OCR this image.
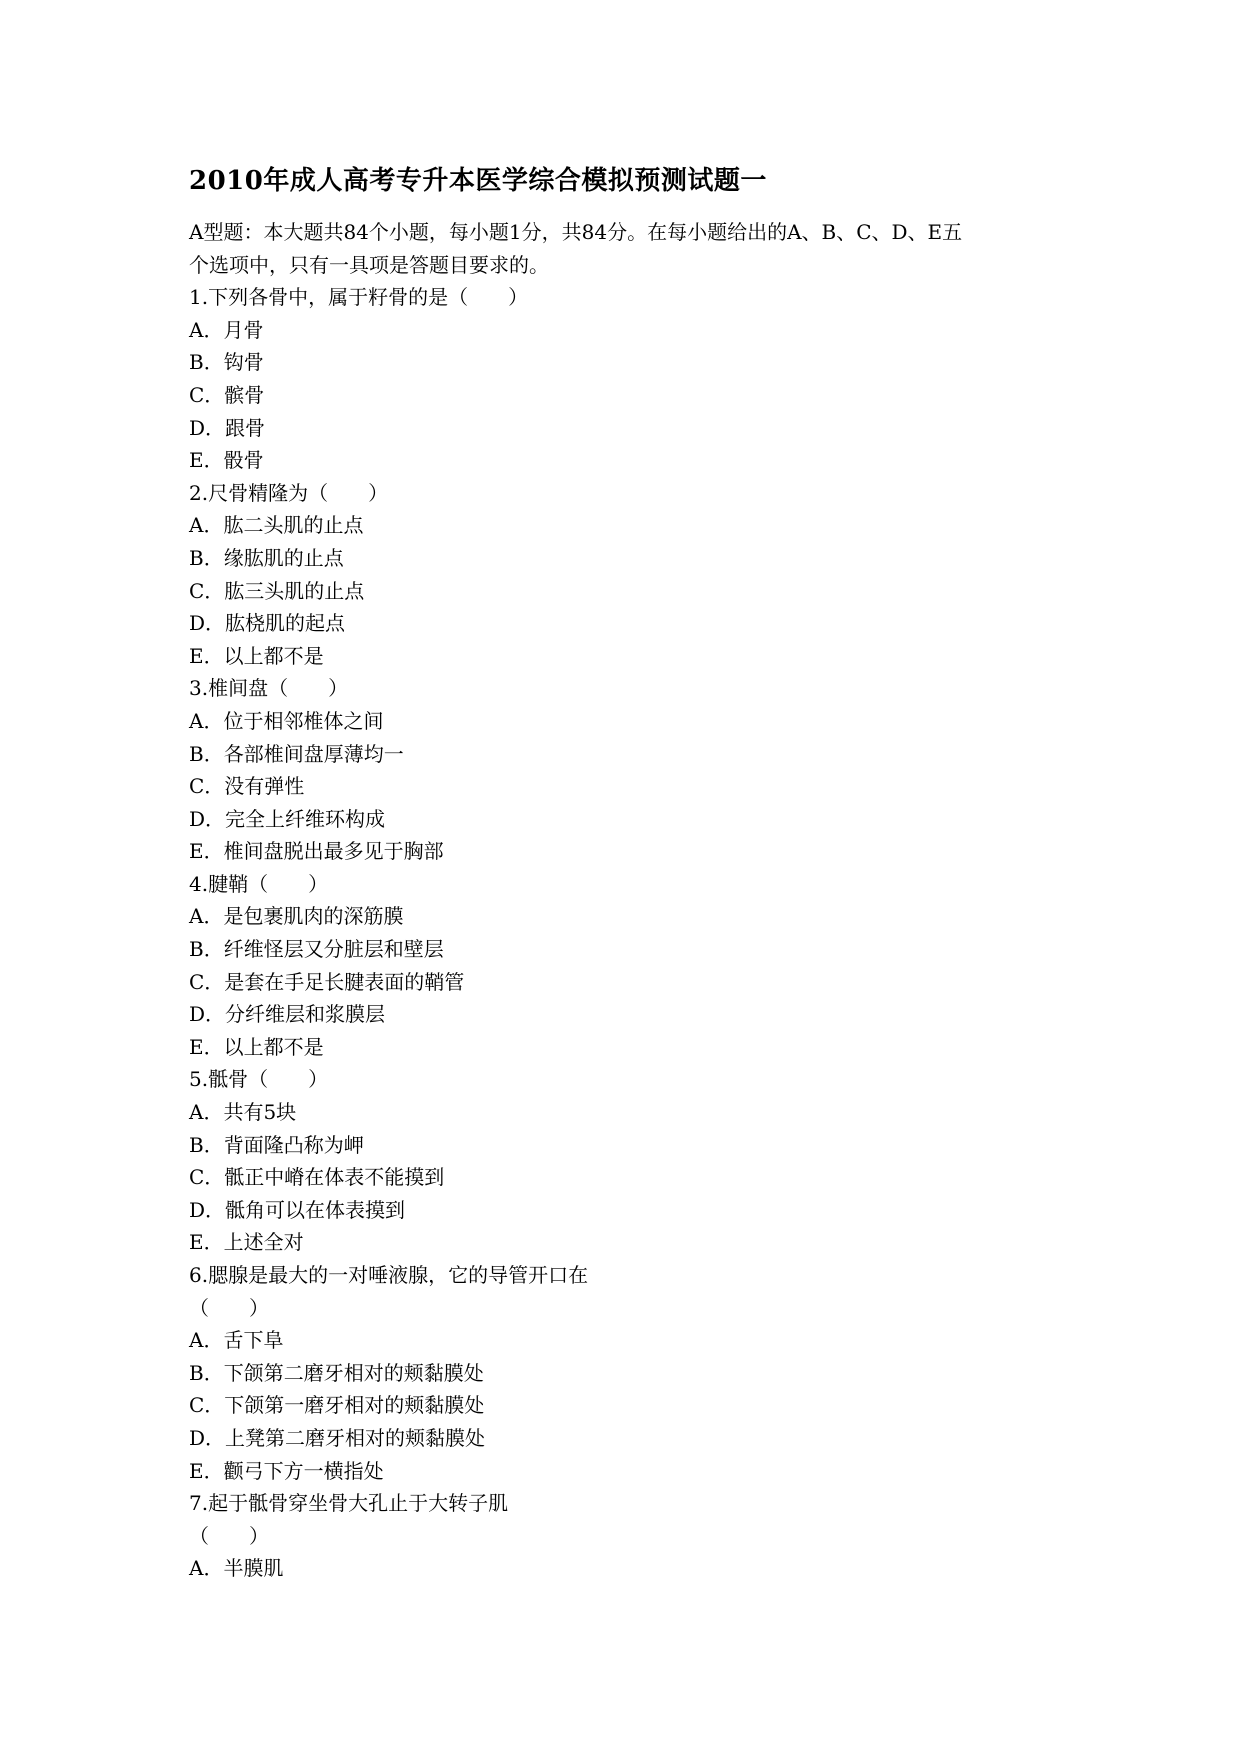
2010年成人高考专升本医学综合模拟预测试题一
A型题：本大题共84个小题，每小题1分，共84分。在每小题给出的A、B、C、D、E五
个选项中，只有一具项是答题目要求的。
1.下列各骨中，属于籽骨的是（　　）
A．月骨
B．钩骨
C．髌骨
D．跟骨
E．骰骨
2.尺骨精隆为（　　）
A．肱二头肌的止点
B．缘肱肌的止点
C．肱三头肌的止点
D．肱桡肌的起点
E．以上都不是
3.椎间盘（　　）
A．位于相邻椎体之间
B．各部椎间盘厚薄均一
C．没有弹性
D．完全上纤维环构成
E．椎间盘脱出最多见于胸部
4.腱鞘（　　）
A．是包裹肌肉的深筋膜
B．纤维怪层又分脏层和壁层
C．是套在手足长腱表面的鞘管
D．分纤维层和浆膜层
E．以上都不是
5.骶骨（　　）
A．共有5块
B．背面隆凸称为岬
C．骶正中嵴在体表不能摸到
D．骶角可以在体表摸到
E．上述全对
6.腮腺是最大的一对唾液腺，它的导管开口在
（　　）
A．舌下阜
B．下颌第二磨牙相对的颊黏膜处
C．下颌第一磨牙相对的颊黏膜处
D．上凳第二磨牙相对的颊黏膜处
E．颧弓下方一横指处
7.起于骶骨穿坐骨大孔止于大转子肌
（　　）
A．半膜肌
